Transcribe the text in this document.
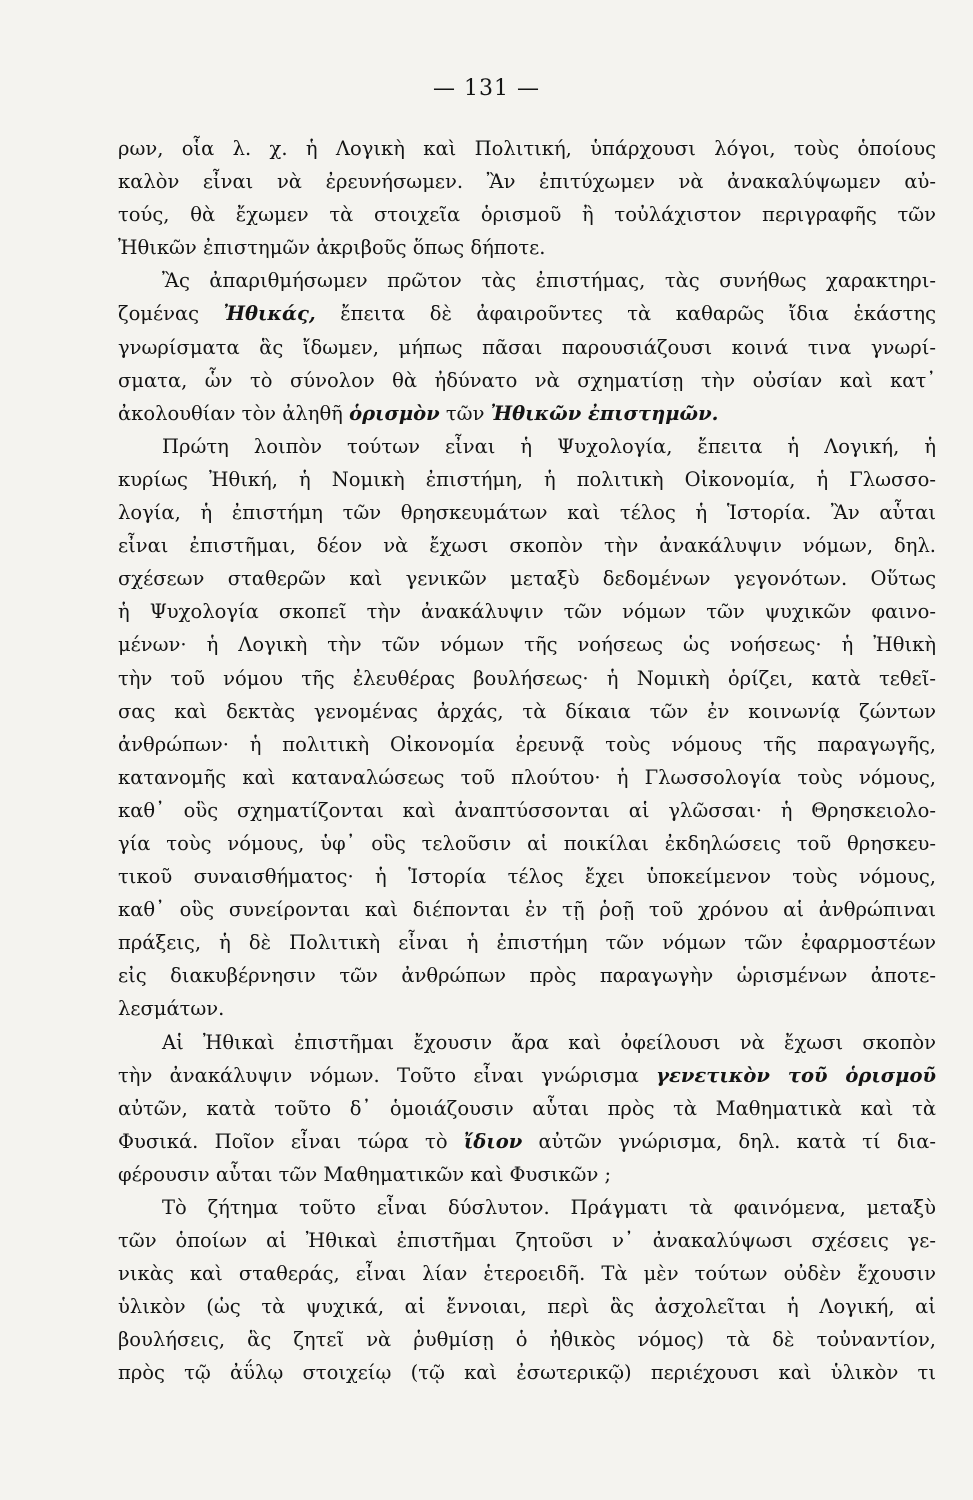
— 131 —
ρων, οἷα λ. χ. ἡ Λογικὴ καὶ Πολιτική, ὑπάρχουσι λόγοι, τοὺς ὁποίους
καλὸν εἶναι νὰ ἐρευνήσωμεν. Ἂν ἐπιτύχωμεν νὰ ἀνακαλύψωμεν αὐ-
τούς, θὰ ἔχωμεν τὰ στοιχεῖα ὁρισμοῦ ἢ τοὐλάχιστον περιγραφῆς τῶν
Ἠθικῶν ἐπιστημῶν ἀκριβοῦς ὅπως δήποτε.
Ἂς ἀπαριθμήσωμεν πρῶτον τὰς ἐπιστήμας, τὰς συνήθως χαρακτηρι-
ζομένας Ἠθικάς, ἔπειτα δὲ ἀφαιροῦντες τὰ καθαρῶς ἴδια ἑκάστης
γνωρίσματα ἃς ἴδωμεν, μήπως πᾶσαι παρουσιάζουσι κοινά τινα γνωρί-
σματα, ὧν τὸ σύνολον θὰ ἠδύνατο νὰ σχηματίσῃ τὴν οὐσίαν καὶ κατ᾽
ἀκολουθίαν τὸν ἀληθῆ ὁρισμὸν τῶν Ἠθικῶν ἐπιστημῶν.
Πρώτη λοιπὸν τούτων εἶναι ἡ Ψυχολογία, ἔπειτα ἡ Λογική, ἡ
κυρίως Ἠθική, ἡ Νομικὴ ἐπιστήμη, ἡ πολιτικὴ Οἰκονομία, ἡ Γλωσσο-
λογία, ἡ ἐπιστήμη τῶν θρησκευμάτων καὶ τέλος ἡ Ἱστορία. Ἂν αὗται
εἶναι ἐπιστῆμαι, δέον νὰ ἔχωσι σκοπὸν τὴν ἀνακάλυψιν νόμων, δηλ.
σχέσεων σταθερῶν καὶ γενικῶν μεταξὺ δεδομένων γεγονότων. Οὕτως
ἡ Ψυχολογία σκοπεῖ τὴν ἀνακάλυψιν τῶν νόμων τῶν ψυχικῶν φαινο-
μένων· ἡ Λογικὴ τὴν τῶν νόμων τῆς νοήσεως ὡς νοήσεως· ἡ Ἠθικὴ
τὴν τοῦ νόμου τῆς ἐλευθέρας βουλήσεως· ἡ Νομικὴ ὁρίζει, κατὰ τεθεῖ-
σας καὶ δεκτὰς γενομένας ἀρχάς, τὰ δίκαια τῶν ἐν κοινωνίᾳ ζώντων
ἀνθρώπων· ἡ πολιτικὴ Οἰκονομία ἐρευνᾷ τοὺς νόμους τῆς παραγωγῆς,
κατανομῆς καὶ καταναλώσεως τοῦ πλούτου· ἡ Γλωσσολογία τοὺς νόμους,
καθ᾽ οὓς σχηματίζονται καὶ ἀναπτύσσονται αἱ γλῶσσαι· ἡ Θρησκειολο-
γία τοὺς νόμους, ὑφ᾽ οὓς τελοῦσιν αἱ ποικίλαι ἐκδηλώσεις τοῦ θρησκευ-
τικοῦ συναισθήματος· ἡ Ἱστορία τέλος ἔχει ὑποκείμενον τοὺς νόμους,
καθ᾽ οὓς συνείρονται καὶ διέπονται ἐν τῇ ῥοῇ τοῦ χρόνου αἱ ἀνθρώπιναι
πράξεις, ἡ δὲ Πολιτικὴ εἶναι ἡ ἐπιστήμη τῶν νόμων τῶν ἐφαρμοστέων
εἰς διακυβέρνησιν τῶν ἀνθρώπων πρὸς παραγωγὴν ὡρισμένων ἀποτε-
λεσμάτων.
Αἱ Ἠθικαὶ ἐπιστῆμαι ἔχουσιν ἄρα καὶ ὀφείλουσι νὰ ἔχωσι σκοπὸν
τὴν ἀνακάλυψιν νόμων. Τοῦτο εἶναι γνώρισμα γενετικὸν τοῦ ὁρισμοῦ
αὐτῶν, κατὰ τοῦτο δ᾽ ὁμοιάζουσιν αὗται πρὸς τὰ Μαθηματικὰ καὶ τὰ
Φυσικά. Ποῖον εἶναι τώρα τὸ ἴδιον αὐτῶν γνώρισμα, δηλ. κατὰ τί δια-
φέρουσιν αὗται τῶν Μαθηματικῶν καὶ Φυσικῶν ;
Τὸ ζήτημα τοῦτο εἶναι δύσλυτον. Πράγματι τὰ φαινόμενα, μεταξὺ
τῶν ὁποίων αἱ Ἠθικαὶ ἐπιστῆμαι ζητοῦσι ν᾽ ἀνακαλύψωσι σχέσεις γε-
νικὰς καὶ σταθεράς, εἶναι λίαν ἑτεροειδῆ. Τὰ μὲν τούτων οὐδὲν ἔχουσιν
ὑλικὸν (ὡς τὰ ψυχικά, αἱ ἔννοιαι, περὶ ἃς ἀσχολεῖται ἡ Λογική, αἱ
βουλήσεις, ἃς ζητεῖ νὰ ῥυθμίσῃ ὁ ἠθικὸς νόμος) τὰ δὲ τοὐναντίον,
πρὸς τῷ ἀΰλῳ στοιχείῳ (τῷ καὶ ἐσωτερικῷ) περιέχουσι καὶ ὑλικὸν τι
